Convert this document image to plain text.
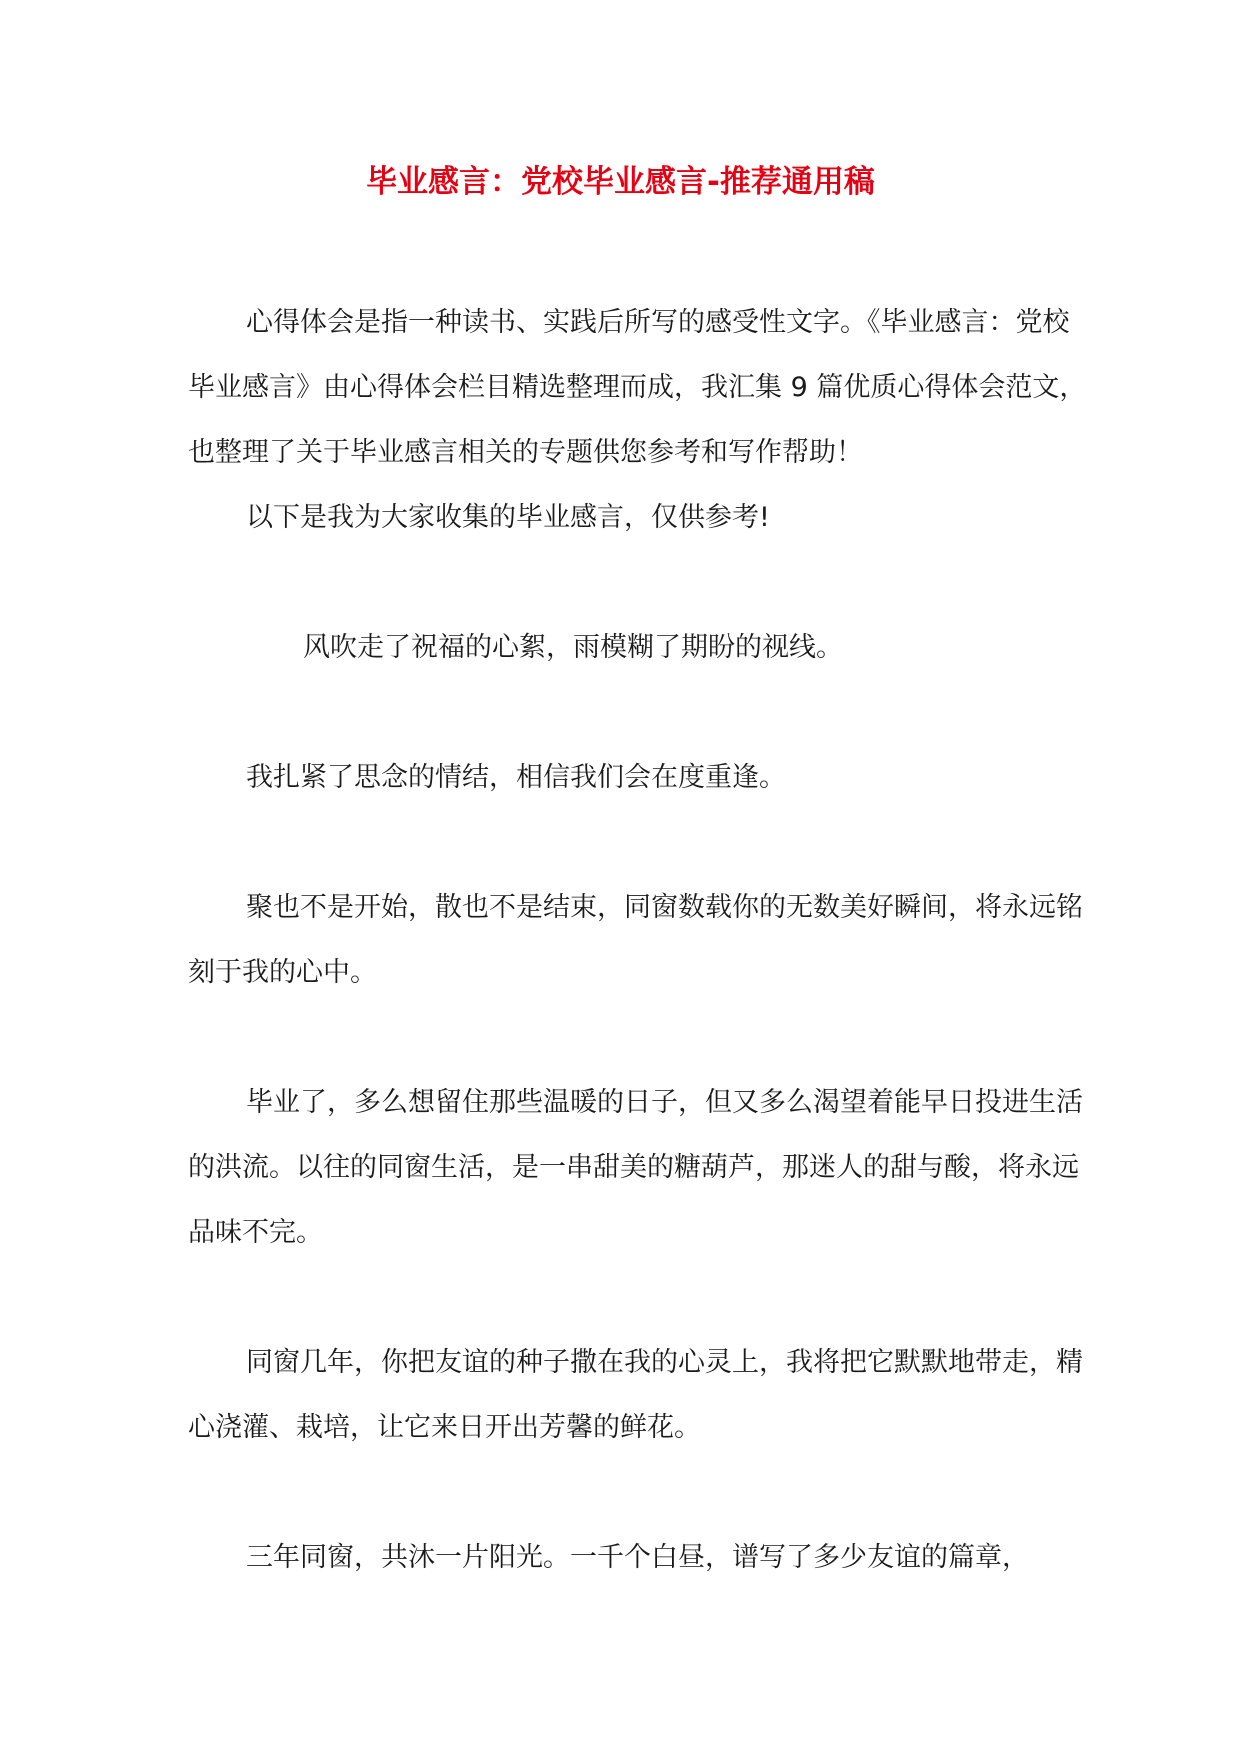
毕业感言：党校毕业感言-推荐通用稿

心得体会是指一种读书、实践后所写的感受性文字。《毕业感言：党校毕业感言》由心得体会栏目精选整理而成，我汇集 9 篇优质心得体会范文，也整理了关于毕业感言相关的专题供您参考和写作帮助！

以下是我为大家收集的毕业感言，仅供参考!

风吹走了祝福的心絮，雨模糊了期盼的视线。

我扎紧了思念的情结，相信我们会在度重逢。

聚也不是开始，散也不是结束，同窗数载你的无数美好瞬间，将永远铭刻于我的心中。

毕业了，多么想留住那些温暖的日子，但又多么渴望着能早日投进生活的洪流。以往的同窗生活，是一串甜美的糖葫芦，那迷人的甜与酸，将永远品味不完。

同窗几年，你把友谊的种子撒在我的心灵上，我将把它默默地带走，精心浇灌、栽培，让它来日开出芳馨的鲜花。

三年同窗，共沐一片阳光。一千个白昼，谱写了多少友谊的篇章，
